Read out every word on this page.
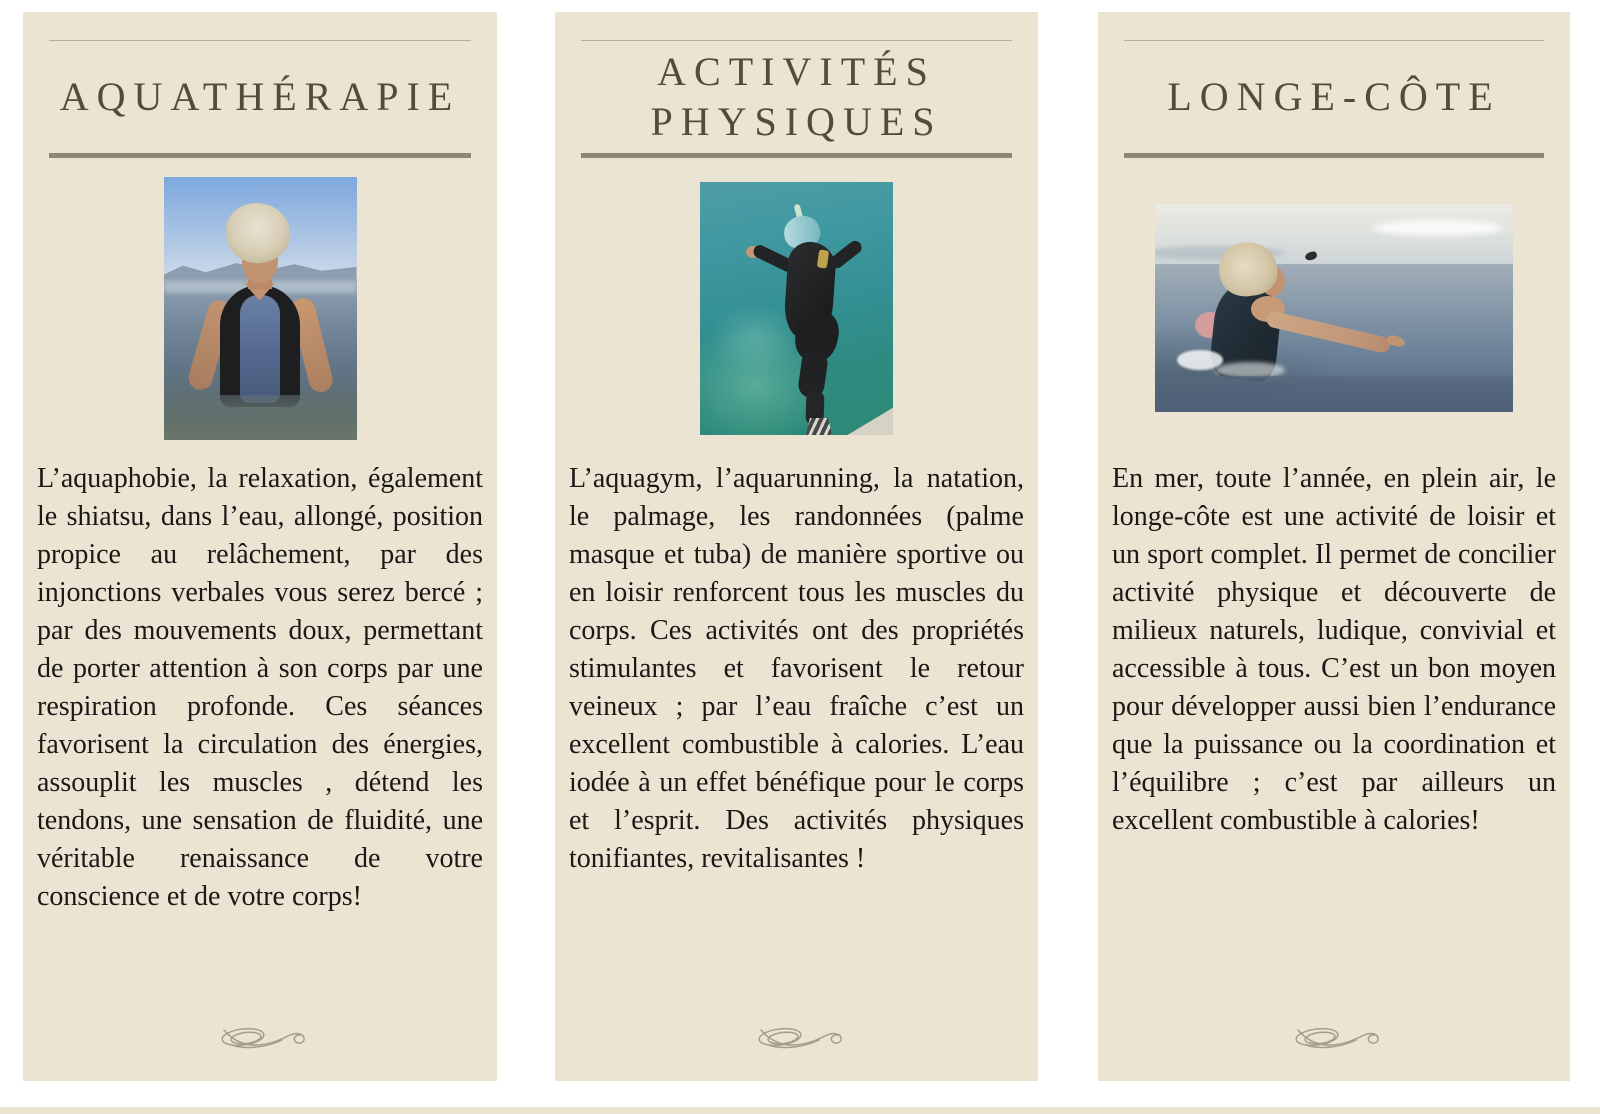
AQUATHÉRAPIE

L’aquaphobie, la relaxation, également le shiatsu, dans l’eau, allongé, position propice au relâchement, par des injonctions verbales vous serez bercé ; par des mouvements doux, permettant de porter attention à son corps par une respiration profonde. Ces séances favorisent la circulation des énergies, assouplit les muscles , détend les tendons, une sensation de fluidité, une véritable renaissance de votre conscience et de votre corps!

ACTIVITÉS PHYSIQUES

L’aquagym, l’aquarunning, la natation, le palmage, les randonnées (palme masque et tuba) de manière sportive ou en loisir renforcent tous les muscles du corps. Ces activités ont des propriétés stimulantes et favorisent le retour veineux ; par l’eau fraîche c’est un excellent combustible à calories. L’eau iodée à un effet bénéfique pour le corps et l’esprit. Des activités physiques tonifiantes, revitalisantes !

LONGE-CÔTE

En mer, toute l’année, en plein air, le longe-côte est une activité de loisir et un sport complet. Il permet de concilier activité physique et découverte de milieux naturels, ludique, convivial et accessible à tous. C’est un bon moyen pour développer aussi bien l’endurance que la puissance ou la coordination et l’équilibre ; c’est par ailleurs un excellent combustible à calories!
